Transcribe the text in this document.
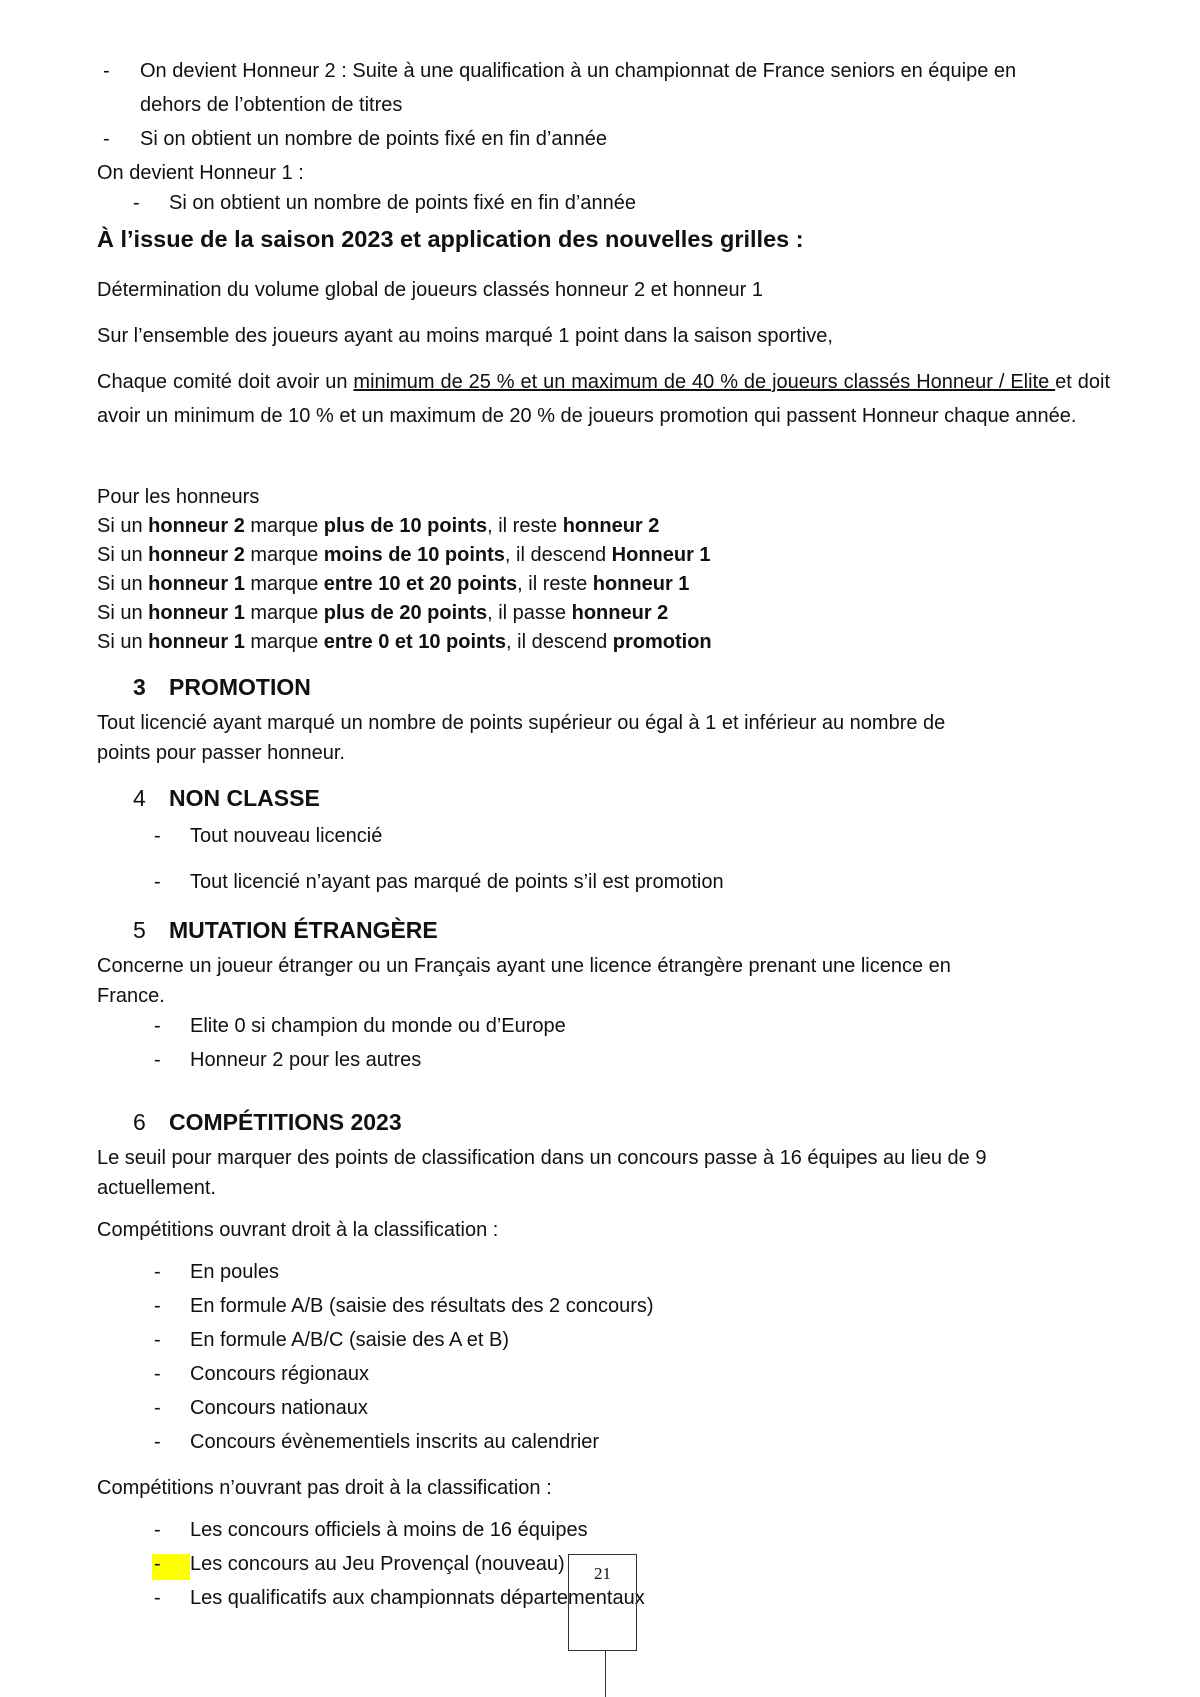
- On devient Honneur 2 : Suite à une qualification à un championnat de France seniors en équipe en
dehors de l’obtention de titres
- Si on obtient un nombre de points fixé en fin d’année
On devient Honneur 1 :
- Si on obtient un nombre de points fixé en fin d’année
À l’issue de la saison 2023 et application des nouvelles grilles :
Détermination du volume global de joueurs classés honneur 2 et honneur 1
Sur l’ensemble des joueurs ayant au moins marqué 1 point dans la saison sportive,
Chaque comité doit avoir un minimum de 25 % et un maximum de 40 % de joueurs classés Honneur / Elite et doit avoir un minimum de 10 % et un maximum de 20 % de joueurs promotion qui passent Honneur chaque année.
Pour les honneurs
Si un honneur 2 marque plus de 10 points, il reste honneur 2
Si un honneur 2 marque moins de 10 points, il descend Honneur 1
Si un honneur 1 marque entre 10 et 20 points, il reste honneur 1
Si un honneur 1 marque plus de 20 points, il passe honneur 2
Si un honneur 1 marque entre 0 et 10 points, il descend promotion
3 PROMOTION
Tout licencié ayant marqué un nombre de points supérieur ou égal à 1 et inférieur au nombre de
points pour passer honneur.
4 NON CLASSE
- Tout nouveau licencié
- Tout licencié n’ayant pas marqué de points s’il est promotion
5 MUTATION ÉTRANGÈRE
Concerne un joueur étranger ou un Français ayant une licence étrangère prenant une licence en
France.
- Elite 0 si champion du monde ou d’Europe
- Honneur 2 pour les autres
6 COMPÉTITIONS 2023
Le seuil pour marquer des points de classification dans un concours passe à 16 équipes au lieu de 9
actuellement.
Compétitions ouvrant droit à la classification :
- En poules
- En formule A/B (saisie des résultats des 2 concours)
- En formule A/B/C (saisie des A et B)
- Concours régionaux
- Concours nationaux
- Concours évènementiels inscrits au calendrier
Compétitions n’ouvrant pas droit à la classification :
- Les concours officiels à moins de 16 équipes
- Les concours au Jeu Provençal (nouveau)
- Les qualificatifs aux championnats départementaux
21
